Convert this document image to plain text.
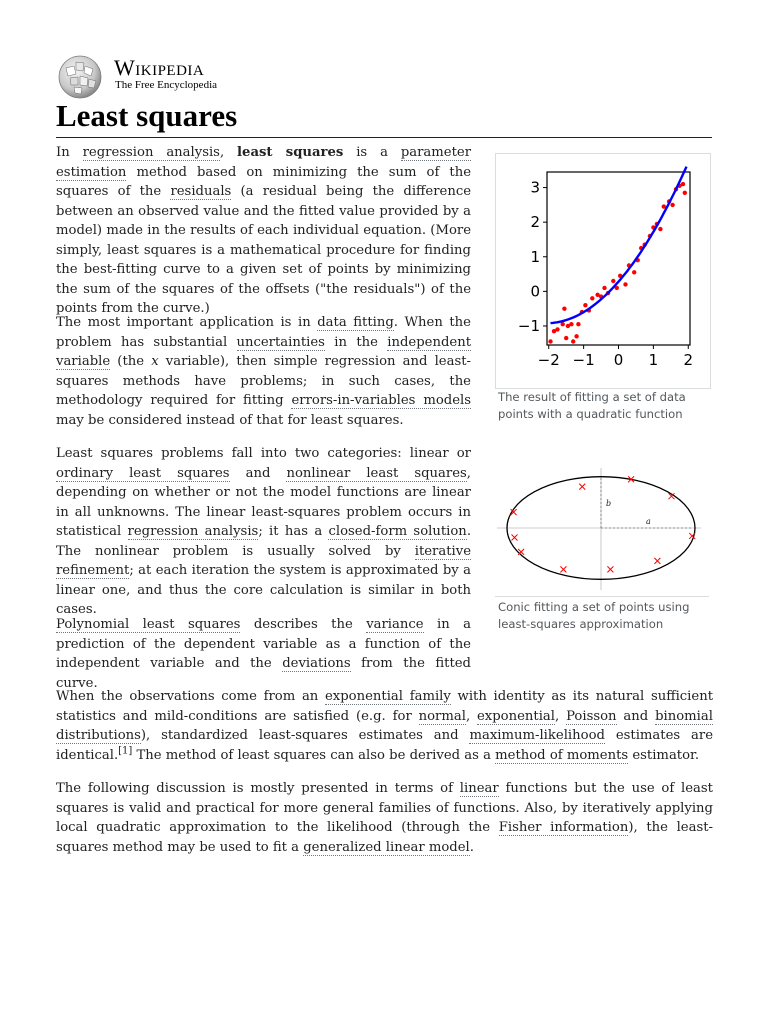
Wikipedia
The Free Encyclopedia
Least squares

In regression analysis, least squares is a parameter estimation method based on minimizing the sum of the squares of the residuals (a residual being the difference between an observed value and the fitted value provided by a model) made in the results of each individual equation. (More simply, least squares is a mathematical procedure for finding the best-fitting curve to a given set of points by minimizing the sum of the squares of the offsets ("the residuals") of the points from the curve.)

The most important application is in data fitting. When the problem has substantial uncertainties in the independent variable (the x variable), then simple regression and least-squares methods have problems; in such cases, the methodology required for fitting errors-in-variables models may be considered instead of that for least squares.

Least squares problems fall into two categories: linear or ordinary least squares and nonlinear least squares, depending on whether or not the model functions are linear in all unknowns. The linear least-squares problem occurs in statistical regression analysis; it has a closed-form solution. The nonlinear problem is usually solved by iterative refinement; at each iteration the system is approximated by a linear one, and thus the core calculation is similar in both cases.

Polynomial least squares describes the variance in a prediction of the dependent variable as a function of the independent variable and the deviations from the fitted curve.

When the observations come from an exponential family with identity as its natural sufficient statistics and mild-conditions are satisfied (e.g. for normal, exponential, Poisson and binomial distributions), standardized least-squares estimates and maximum-likelihood estimates are identical.[1] The method of least squares can also be derived as a method of moments estimator.

The following discussion is mostly presented in terms of linear functions but the use of least squares is valid and practical for more general families of functions. Also, by iteratively applying local quadratic approximation to the likelihood (through the Fisher information), the least-squares method may be used to fit a generalized linear model.

−2 −1 0 1 2
3
2
1
0
−1

The result of fitting a set of data points with a quadratic function

b
a

Conic fitting a set of points using least-squares approximation
